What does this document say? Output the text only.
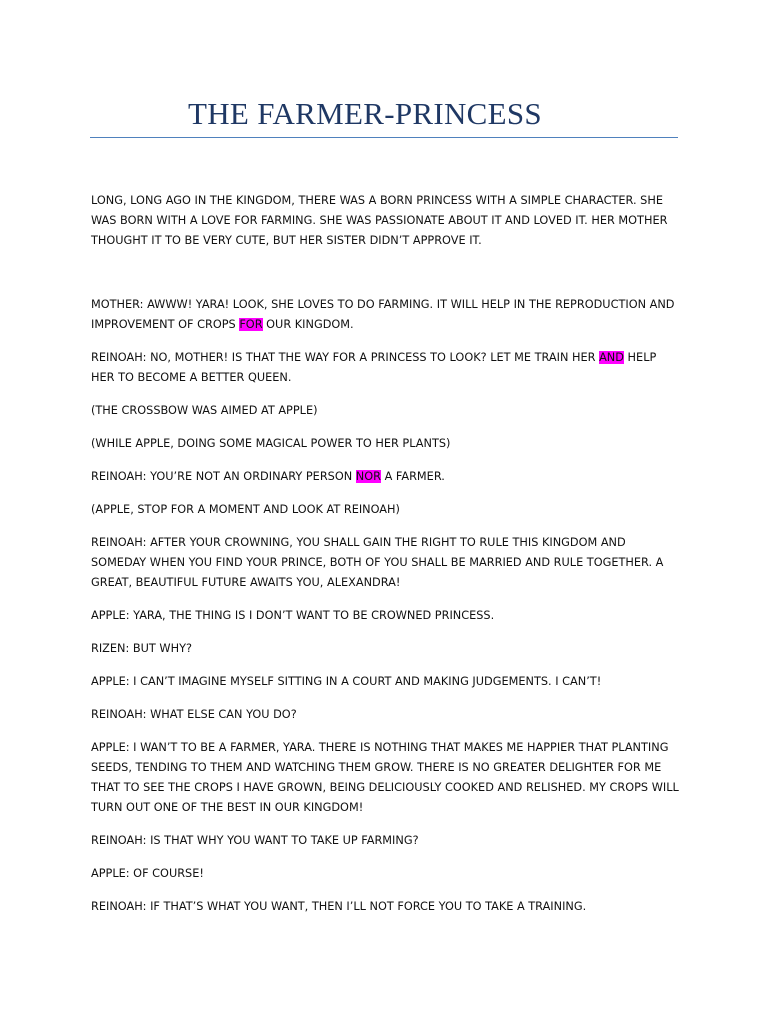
THE FARMER-PRINCESS

LONG, LONG AGO IN THE KINGDOM, THERE WAS A BORN PRINCESS WITH A SIMPLE CHARACTER. SHE

WAS BORN WITH A LOVE FOR FARMING. SHE WAS PASSIONATE ABOUT IT AND LOVED IT. HER MOTHER

THOUGHT IT TO BE VERY CUTE, BUT HER SISTER DIDN’T APPROVE IT.

MOTHER: AWWW! YARA! LOOK, SHE LOVES TO DO FARMING. IT WILL HELP IN THE REPRODUCTION AND

IMPROVEMENT OF CROPS FOR OUR KINGDOM.

REINOAH: NO, MOTHER! IS THAT THE WAY FOR A PRINCESS TO LOOK? LET ME TRAIN HER AND HELP

HER TO BECOME A BETTER QUEEN.

(THE CROSSBOW WAS AIMED AT APPLE)

(WHILE APPLE, DOING SOME MAGICAL POWER TO HER PLANTS)

REINOAH: YOU’RE NOT AN ORDINARY PERSON NOR A FARMER.

(APPLE, STOP FOR A MOMENT AND LOOK AT REINOAH)

REINOAH: AFTER YOUR CROWNING, YOU SHALL GAIN THE RIGHT TO RULE THIS KINGDOM AND

SOMEDAY WHEN YOU FIND YOUR PRINCE, BOTH OF YOU SHALL BE MARRIED AND RULE TOGETHER. A

GREAT, BEAUTIFUL FUTURE AWAITS YOU, ALEXANDRA!

APPLE: YARA, THE THING IS I DON’T WANT TO BE CROWNED PRINCESS.

RIZEN: BUT WHY?

APPLE: I CAN’T IMAGINE MYSELF SITTING IN A COURT AND MAKING JUDGEMENTS. I CAN’T!

REINOAH: WHAT ELSE CAN YOU DO?

APPLE: I WAN’T TO BE A FARMER, YARA. THERE IS NOTHING THAT MAKES ME HAPPIER THAT PLANTING

SEEDS, TENDING TO THEM AND WATCHING THEM GROW. THERE IS NO GREATER DELIGHTER FOR ME

THAT TO SEE THE CROPS I HAVE GROWN, BEING DELICIOUSLY COOKED AND RELISHED. MY CROPS WILL

TURN OUT ONE OF THE BEST IN OUR KINGDOM!

REINOAH: IS THAT WHY YOU WANT TO TAKE UP FARMING?

APPLE: OF COURSE!

REINOAH: IF THAT’S WHAT YOU WANT, THEN I’LL NOT FORCE YOU TO TAKE A TRAINING.
